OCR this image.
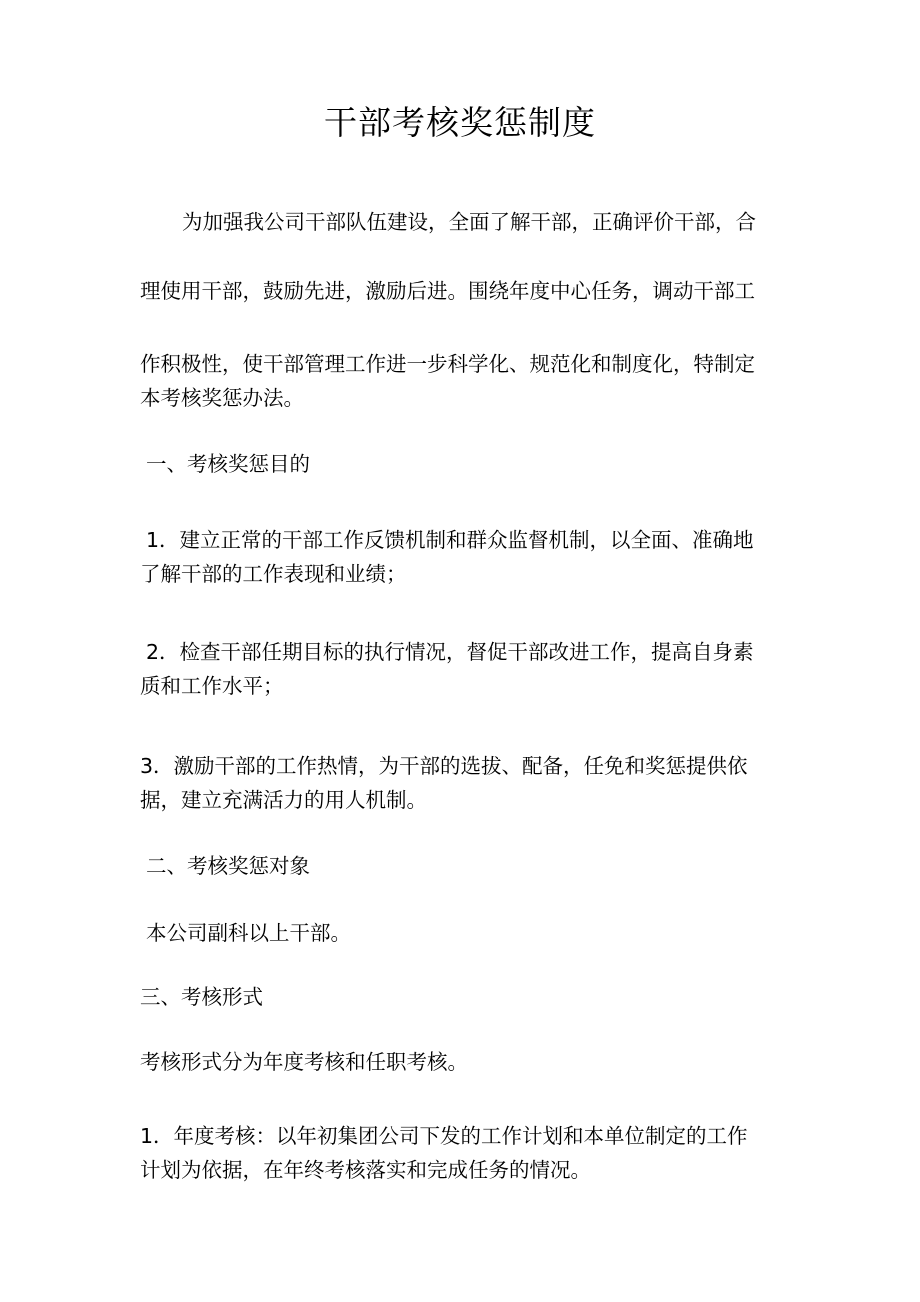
干部考核奖惩制度
为加强我公司干部队伍建设，全面了解干部，正确评价干部，合
理使用干部，鼓励先进，激励后进。围绕年度中心任务，调动干部工
作积极性，使干部管理工作进一步科学化、规范化和制度化，特制定
本考核奖惩办法。
一、考核奖惩目的
1．建立正常的干部工作反馈机制和群众监督机制，以全面、准确地
了解干部的工作表现和业绩；
2．检查干部任期目标的执行情况，督促干部改进工作，提高自身素
质和工作水平；
3．激励干部的工作热情，为干部的选拔、配备，任免和奖惩提供依
据，建立充满活力的用人机制。
二、考核奖惩对象
本公司副科以上干部。
三、考核形式
考核形式分为年度考核和任职考核。
1．年度考核：以年初集团公司下发的工作计划和本单位制定的工作
计划为依据，在年终考核落实和完成任务的情况。
